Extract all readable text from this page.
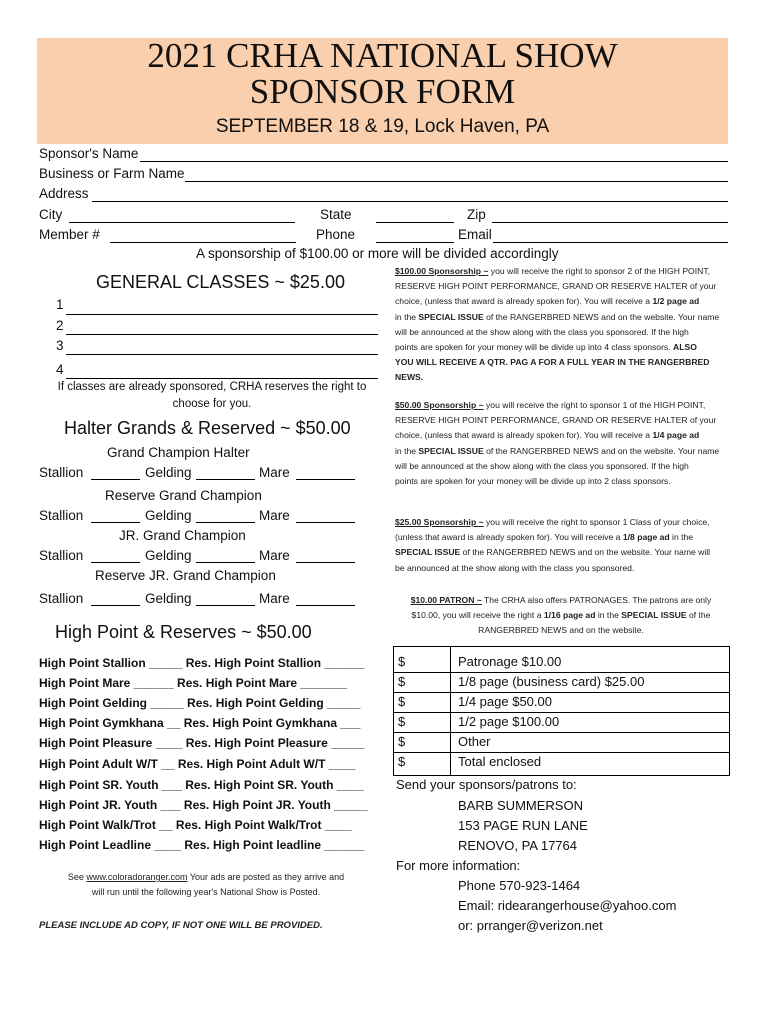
2021 CRHA NATIONAL SHOW
SPONSOR FORM
SEPTEMBER 18 & 19, Lock Haven, PA
Sponsor's Name
Business or Farm Name
Address
City	State	Zip
Member #	Phone	Email
A sponsorship of $100.00 or more will be divided accordingly
GENERAL CLASSES ~ $25.00
1
2
3
4
If classes are already sponsored, CRHA reserves the right to choose for you.
Halter Grands & Reserved ~ $50.00
Grand Champion Halter
Stallion	Gelding	Mare
Reserve Grand Champion
Stallion	Gelding	Mare
JR. Grand Champion
Stallion	Gelding	Mare
Reserve JR. Grand Champion
Stallion	Gelding	Mare
High Point & Reserves ~ $50.00
High Point Stallion _____ Res. High Point Stallion ______
High Point Mare ______ Res. High Point Mare _______
High Point Gelding _____ Res. High Point Gelding _____
High Point Gymkhana __ Res. High Point Gymkhana ___
High Point Pleasure ____ Res. High Point Pleasure _____
High Point Adult W/T __ Res. High Point Adult W/T ____
High Point SR. Youth ___ Res. High Point SR. Youth ____
High Point JR. Youth ___ Res. High Point JR. Youth _____
High Point Walk/Trot __ Res. High Point Walk/Trot ____
High Point Leadline ____ Res. High Point leadline ______
See www.coloradoranger.com Your ads are posted as they arrive and
will run until the following year's National Show is Posted.
PLEASE INCLUDE AD COPY, IF NOT ONE WILL BE PROVIDED.
$100.00 Sponsorship ~ you will receive the right to sponsor 2 of the HIGH POINT,
RESERVE HIGH POINT PERFORMANCE, GRAND OR RESERVE HALTER of your
choice, (unless that award is already spoken for). You will receive a 1/2 page ad
in the SPECIAL ISSUE of the RANGERBRED NEWS and on the website. Your name
will be announced at the show along with the class you sponsored. If the high
points are spoken for your money will be divide up into 4 class sponsors. ALSO
YOU WILL RECEIVE A QTR. PAG A FOR A FULL YEAR IN THE RANGERBRED
NEWS.
$50.00 Sponsorship ~ you will receive the right to sponsor 1 of the HIGH POINT,
RESERVE HIGH POINT PERFORMANCE, GRAND OR RESERVE HALTER of your
choice, (unless that award is already spoken for). You will receive a 1/4 page ad
in the SPECIAL ISSUE of the RANGERBRED NEWS and on the website. Your name
will be announced at the show along with the class you sponsored. If the high
points are spoken for your money will be divide up into 2 class sponsors.
$25.00 Sponsorship ~ you will receive the right to sponsor 1 Class of your choice,
(unless that award is already spoken for). You will receive a 1/8 page ad in the
SPECIAL ISSUE of the RANGERBRED NEWS and on the website. Your name will
be announced at the show along with the class you sponsored.
$10.00 PATRON ~ The CRHA also offers PATRONAGES. The patrons are only
$10.00, you will receive the right a 1/16 page ad in the SPECIAL ISSUE of the
RANGERBRED NEWS and on the website.
$	Patronage $10.00
$	1/8 page (business card) $25.00
$	1/4 page $50.00
$	1/2 page $100.00
$	Other
$	Total enclosed
Send your sponsors/patrons to:
BARB SUMMERSON
153 PAGE RUN LANE
RENOVO, PA 17764
For more information:
Phone 570-923-1464
Email: ridearangerhouse@yahoo.com
or: prranger@verizon.net
